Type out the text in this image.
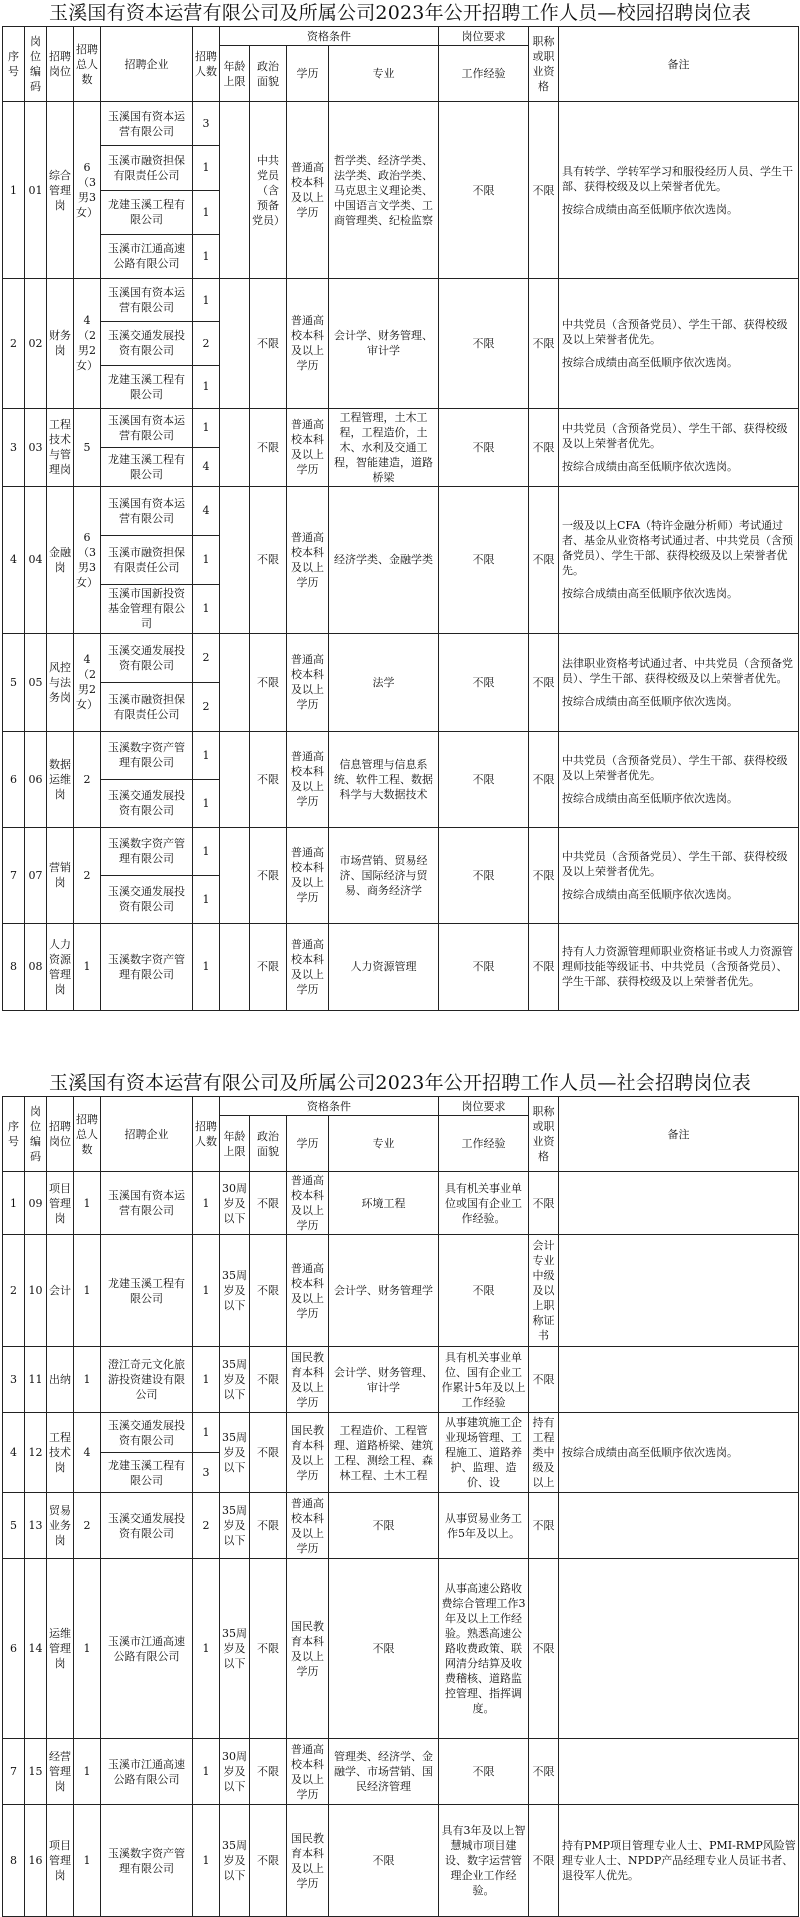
玉溪国有资本运营有限公司及所属公司2023年公开招聘工作人员—校园招聘岗位表
序号	岗位编码	招聘岗位	招聘总人数	招聘企业	招聘人数	资格条件				岗位要求	职称或职业资格	备注
						年龄上限	政治面貌	学历	专业	工作经验		
1	01	综合管理岗	6（3男3女）	玉溪国有资本运营有限公司	3		中共党员（含预备党员）	普通高校本科及以上学历	哲学类、经济学类、法学类、政治学类、马克思主义理论类、中国语言文学类、工商管理类、纪检监察	不限	不限	具有转学、学转军学习和服役经历人员、学生干部、获得校级及以上荣誉者优先。
按综合成绩由高至低顺序依次选岗。

				玉溪市融资担保有限责任公司	1							
				龙建玉溪工程有限公司	1							
				玉溪市江通高速公路有限公司	1							
2	02	财务岗	4（2男2女）	玉溪国有资本运营有限公司	1		不限	普通高校本科及以上学历	会计学、财务管理、审计学	不限	不限	中共党员（含预备党员）、学生干部、获得校级及以上荣誉者优先。
按综合成绩由高至低顺序依次选岗。

				玉溪交通发展投资有限公司	2							
				龙建玉溪工程有限公司	1							
3	03	工程技术与管理岗	5	玉溪国有资本运营有限公司	1		不限	普通高校本科及以上学历	工程管理，土木工程，工程造价，土木、水利及交通工程，智能建造，道路桥梁	不限	不限	中共党员（含预备党员）、学生干部、获得校级及以上荣誉者优先。
按综合成绩由高至低顺序依次选岗。

				龙建玉溪工程有限公司	4							
4	04	金融岗	6（3男3女）	玉溪国有资本运营有限公司	4		不限	普通高校本科及以上学历	经济学类、金融学类	不限	不限	一级及以上CFA（特许金融分析师）考试通过者、基金从业资格考试通过者、中共党员（含预备党员）、学生干部、获得校级及以上荣誉者优先。
按综合成绩由高至低顺序依次选岗。

				玉溪市融资担保有限责任公司	1							
				玉溪市国新投资基金管理有限公司	1							
5	05	风控与法务岗	4（2男2女）	玉溪交通发展投资有限公司	2		不限	普通高校本科及以上学历	法学	不限	不限	法律职业资格考试通过者、中共党员（含预备党员）、学生干部、获得校级及以上荣誉者优先。
按综合成绩由高至低顺序依次选岗。

				玉溪市融资担保有限责任公司	2							
6	06	数据运维岗	2	玉溪数字资产管理有限公司	1		不限	普通高校本科及以上学历	信息管理与信息系统、软件工程、数据科学与大数据技术	不限	不限	中共党员（含预备党员）、学生干部、获得校级及以上荣誉者优先。
按综合成绩由高至低顺序依次选岗。

				玉溪交通发展投资有限公司	1							
7	07	营销岗	2	玉溪数字资产管理有限公司	1		不限	普通高校本科及以上学历	市场营销、贸易经济、国际经济与贸易、商务经济学	不限	不限	中共党员（含预备党员）、学生干部、获得校级及以上荣誉者优先。
按综合成绩由高至低顺序依次选岗。

				玉溪交通发展投资有限公司	1							
8	08	人力资源管理岗	1	玉溪数字资产管理有限公司	1		不限	普通高校本科及以上学历	人力资源管理	不限	不限	持有人力资源管理师职业资格证书或人力资源管理师技能等级证书、中共党员（含预备党员）、学生干部、获得校级及以上荣誉者优先。
玉溪国有资本运营有限公司及所属公司2023年公开招聘工作人员—社会招聘岗位表
序号	岗位编码	招聘岗位	招聘总人数	招聘企业	招聘人数	资格条件				岗位要求	职称或职业资格	备注
						年龄上限	政治面貌	学历	专业	工作经验		
1	09	项目管理岗	1	玉溪国有资本运营有限公司	1	30周岁及以下	不限	普通高校本科及以上学历	环境工程	具有机关事业单位或国有企业工作经验。	不限	

2	10	会计	1	龙建玉溪工程有限公司	1	35周岁及以下	不限	普通高校本科及以上学历	会计学、财务管理学	不限	会计专业中级及以上职称证书	

3	11	出纳	1	澄江奇元文化旅游投资建设有限公司	1	35周岁及以下	不限	国民教育本科及以上学历	会计学、财务管理、审计学	具有机关事业单位、国有企业工作累计5年及以上工作经验	不限	

4	12	工程技术岗	4	玉溪交通发展投资有限公司	1	35周岁及以下	不限	国民教育本科及以上学历	工程造价、工程管理、道路桥梁、建筑工程、测绘工程、森林工程、土木工程	从事建筑施工企业现场管理、工程施工、道路养护、监理、造价、设	持有工程类中级及以上	按综合成绩由高至低顺序依次选岗。

				龙建玉溪工程有限公司	3							
5	13	贸易业务岗	2	玉溪交通发展投资有限公司	2	35周岁及以下	不限	普通高校本科及以上学历	不限	从事贸易业务工作5年及以上。	不限	

6	14	运维管理岗	1	玉溪市江通高速公路有限公司	1	35周岁及以下	不限	国民教育本科及以上学历	不限	从事高速公路收费综合管理工作3年及以上工作经验。熟悉高速公路收费政策、联网清分结算及收费稽核、道路监控管理、指挥调度。	不限	

7	15	经营管理岗	1	玉溪市江通高速公路有限公司	1	30周岁及以下	不限	普通高校本科及以上学历	管理类、经济学、金融学、市场营销、国民经济管理	不限	不限	

8	16	项目管理岗	1	玉溪数字资产管理有限公司	1	35周岁及以下	不限	国民教育本科及以上学历	不限	具有3年及以上智慧城市项目建设、数字运营管理企业工作经验。	不限	持有PMP项目管理专业人士、PMI-RMP风险管理专业人士、NPDP产品经理专业人员证书者、退役军人优先。
